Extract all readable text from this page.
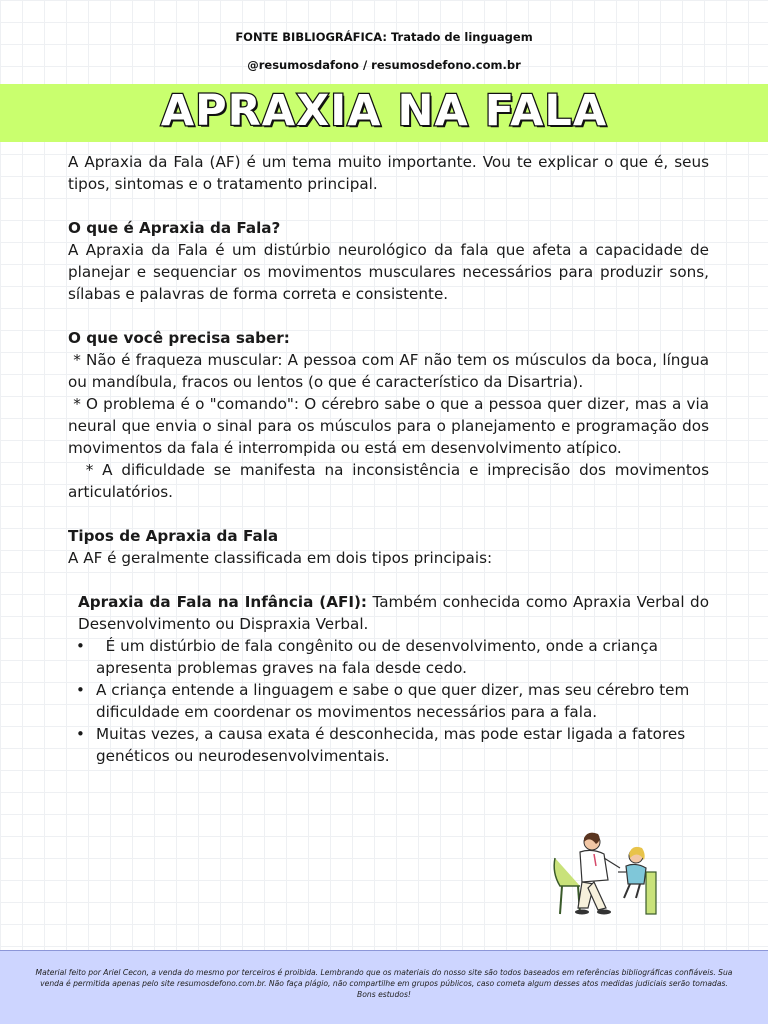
FONTE BIBLIOGRÁFICA: Tratado de linguagem
@resumosdafono / resumosdefono.com.br
APRAXIA NA FALA

A Apraxia da Fala (AF) é um tema muito importante. Vou te explicar o que é, seus tipos, sintomas e o tratamento principal.

O que é Apraxia da Fala?

A Apraxia da Fala é um distúrbio neurológico da fala que afeta a capacidade de planejar e sequenciar os movimentos musculares necessários para produzir sons, sílabas e palavras de forma correta e consistente.

O que você precisa saber:

* Não é fraqueza muscular: A pessoa com AF não tem os músculos da boca, língua ou mandíbula, fracos ou lentos (o que é característico da Disartria).

* O problema é o "comando": O cérebro sabe o que a pessoa quer dizer, mas a via neural que envia o sinal para os músculos para o planejamento e programação dos movimentos da fala é interrompida ou está em desenvolvimento atípico.

* A dificuldade se manifesta na inconsistência e imprecisão dos movimentos articulatórios.

Tipos de Apraxia da Fala

A AF é geralmente classificada em dois tipos principais:

Apraxia da Fala na Infância (AFI): Também conhecida como Apraxia Verbal do Desenvolvimento ou Dispraxia Verbal.

•   É um distúrbio de fala congênito ou de desenvolvimento, onde a criança apresenta problemas graves na fala desde cedo.
• A criança entende a linguagem e sabe o que quer dizer, mas seu cérebro tem dificuldade em coordenar os movimentos necessários para a fala.
• Muitas vezes, a causa exata é desconhecida, mas pode estar ligada a fatores genéticos ou neurodesenvolvimentais.

Material feito por Ariel Cecon, a venda do mesmo por terceiros é proibida. Lembrando que os materiais do nosso site são todos baseados em referências bibliográficas confiáveis. Sua venda é permitida apenas pelo site resumosdefono.com.br. Não faça plágio, não compartilhe em grupos públicos, caso cometa algum desses atos medidas judiciais serão tomadas. Bons estudos!
